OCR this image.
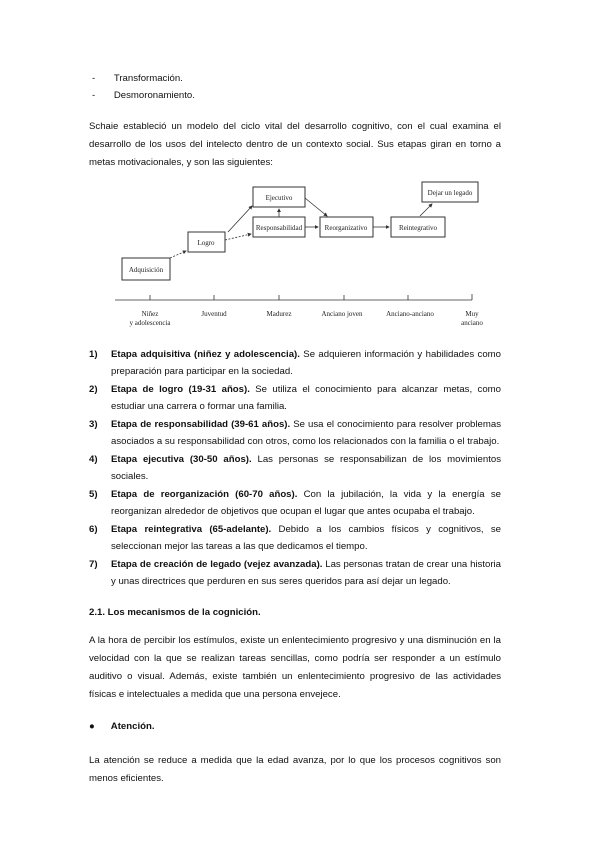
-       Transformación.
-       Desmoronamiento.
Schaie estableció un modelo del ciclo vital del desarrollo cognitivo, con el cual examina el desarrollo de los usos del intelecto dentro de un contexto social. Sus etapas giran en torno a metas motivacionales, y son las siguientes:
Adquisición
Logro
Ejecutivo
Responsabilidad	Reorganizativo	Reintegrativo
Dejar un legado
Niñez
y adolescencia
Juventud	Madurez	Anciano joven	Anciano-anciano	Muy
anciano
1) Etapa adquisitiva (niñez y adolescencia). Se adquieren información y habilidades como preparación para participar en la sociedad.
2) Etapa de logro (19-31 años). Se utiliza el conocimiento para alcanzar metas, como estudiar una carrera o formar una familia.
3) Etapa de responsabilidad (39-61 años). Se usa el conocimiento para resolver problemas asociados a su responsabilidad con otros, como los relacionados con la familia o el trabajo.
4) Etapa ejecutiva (30-50 años). Las personas se responsabilizan de los movimientos sociales.
5) Etapa de reorganización (60-70 años). Con la jubilación, la vida y la energía se reorganizan alrededor de objetivos que ocupan el lugar que antes ocupaba el trabajo.
6) Etapa reintegrativa (65-adelante). Debido a los cambios físicos y cognitivos, se seleccionan mejor las tareas a las que dedicamos el tiempo.
7) Etapa de creación de legado (vejez avanzada). Las personas tratan de crear una historia y unas directrices que perduren en sus seres queridos para así dejar un legado.
2.1. Los mecanismos de la cognición.
A la hora de percibir los estímulos, existe un enlentecimiento progresivo y una disminución en la velocidad con la que se realizan tareas sencillas, como podría ser responder a un estímulo auditivo o visual. Además, existe también un enlentecimiento progresivo de las actividades físicas e intelectuales a medida que una persona envejece.
● Atención.
La atención se reduce a medida que la edad avanza, por lo que los procesos cognitivos son menos eficientes.
